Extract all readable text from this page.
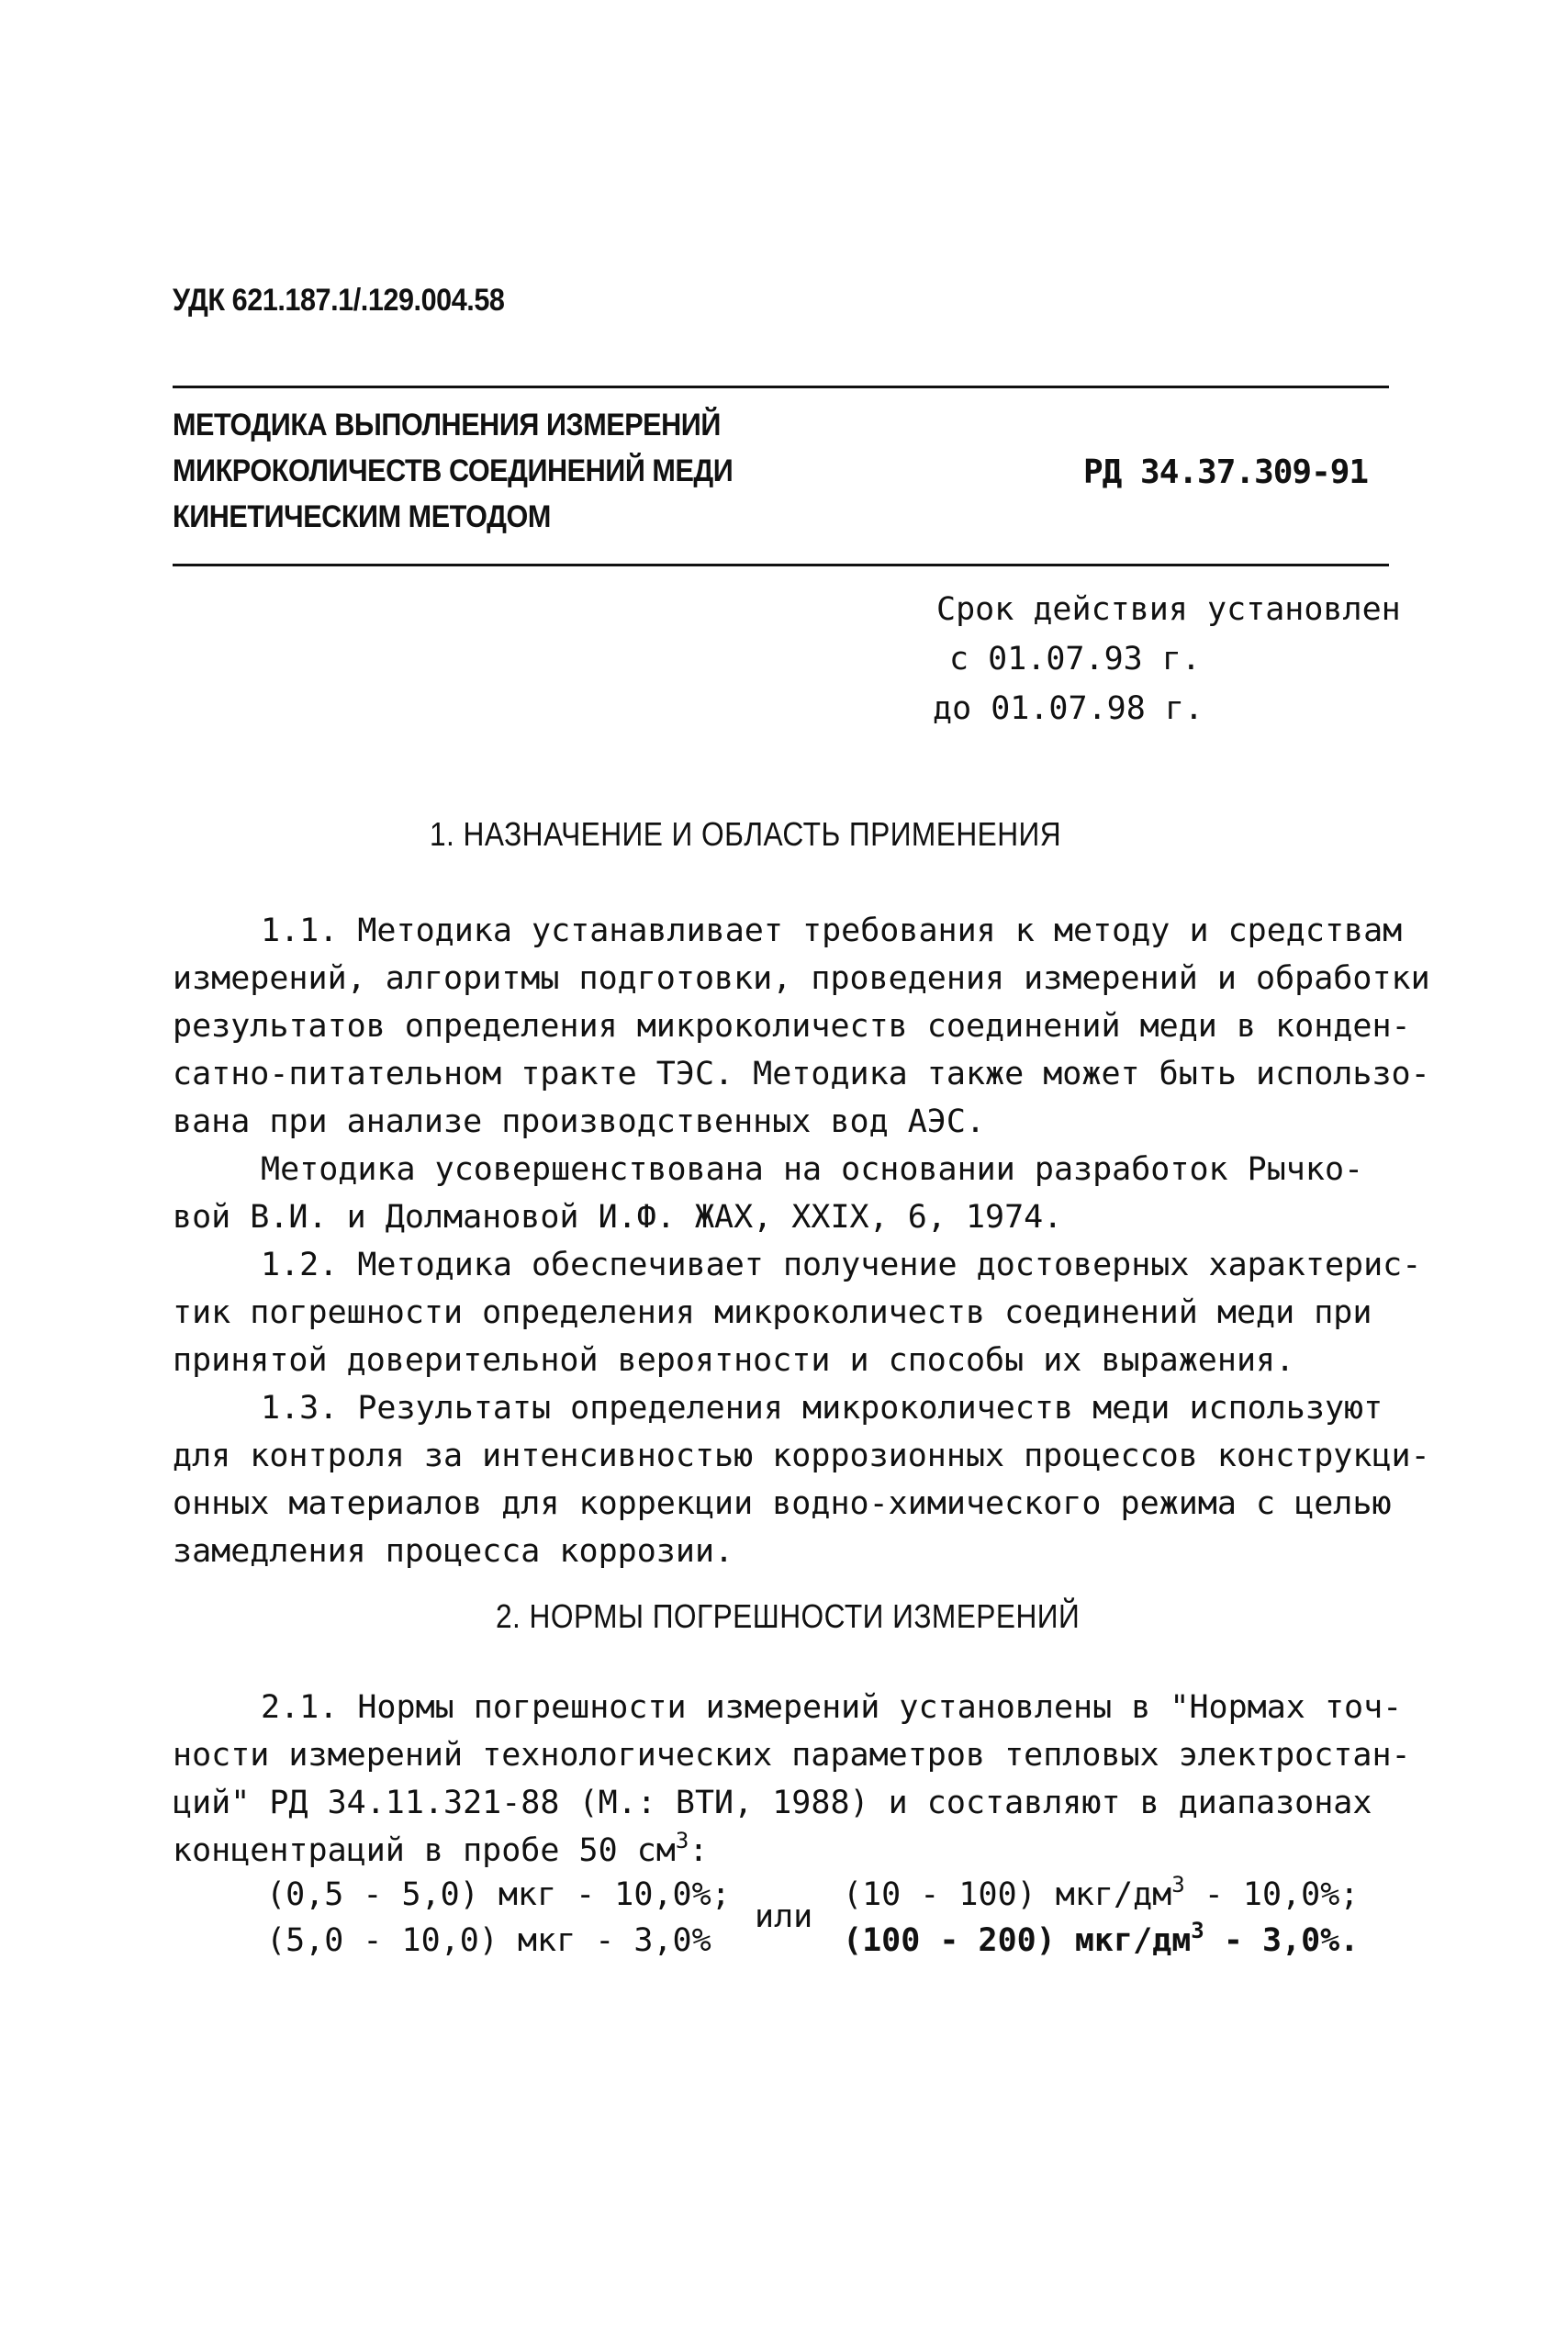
УДК 621.187.1/.129.004.58
МЕТОДИКА ВЫПОЛНЕНИЯ ИЗМЕРЕНИЙ
МИКРОКОЛИЧЕСТВ СОЕДИНЕНИЙ МЕДИ
КИНЕТИЧЕСКИМ МЕТОДОМ
РД 34.37.309-91
Срок действия установлен
с 01.07.93 г.
до 01.07.98 г.
1. НАЗНАЧЕНИЕ И ОБЛАСТЬ ПРИМЕНЕНИЯ
1.1. Методика устанавливает требования к методу и средствам
измерений, алгоритмы подготовки, проведения измерений и обработки
результатов определения микроколичеств соединений меди в конден-
сатно-питательном тракте ТЭС. Методика также может быть использо-
вана при анализе производственных вод АЭС.
Методика усовершенствована на основании разработок Рычко-
вой В.И. и Долмановой И.Ф. ЖАХ, XXIX, 6, 1974.
1.2. Методика обеспечивает получение достоверных характерис-
тик погрешности определения микроколичеств соединений меди при
принятой доверительной вероятности и способы их выражения.
1.3. Результаты определения микроколичеств меди используют
для контроля за интенсивностью коррозионных процессов конструкци-
онных материалов для коррекции водно-химического режима с целью
замедления процесса коррозии.
2. НОРМЫ ПОГРЕШНОСТИ ИЗМЕРЕНИЙ
2.1. Нормы погрешности измерений установлены в "Нормах точ-
ности измерений технологических параметров тепловых электростан-
ций" РД 34.11.321-88 (М.: ВТИ, 1988) и составляют в диапазонах
концентраций в пробе 50 $см^3$:
(0,5 - 5,0) мкг - 10,0%;
(5,0 - 10,0) мкг - 3,0%
или
(10 - 100) мкг/$дм^3 - 10,0\%$;
(100 - 200) мкг/$дм^3 - 3,0\%$.
